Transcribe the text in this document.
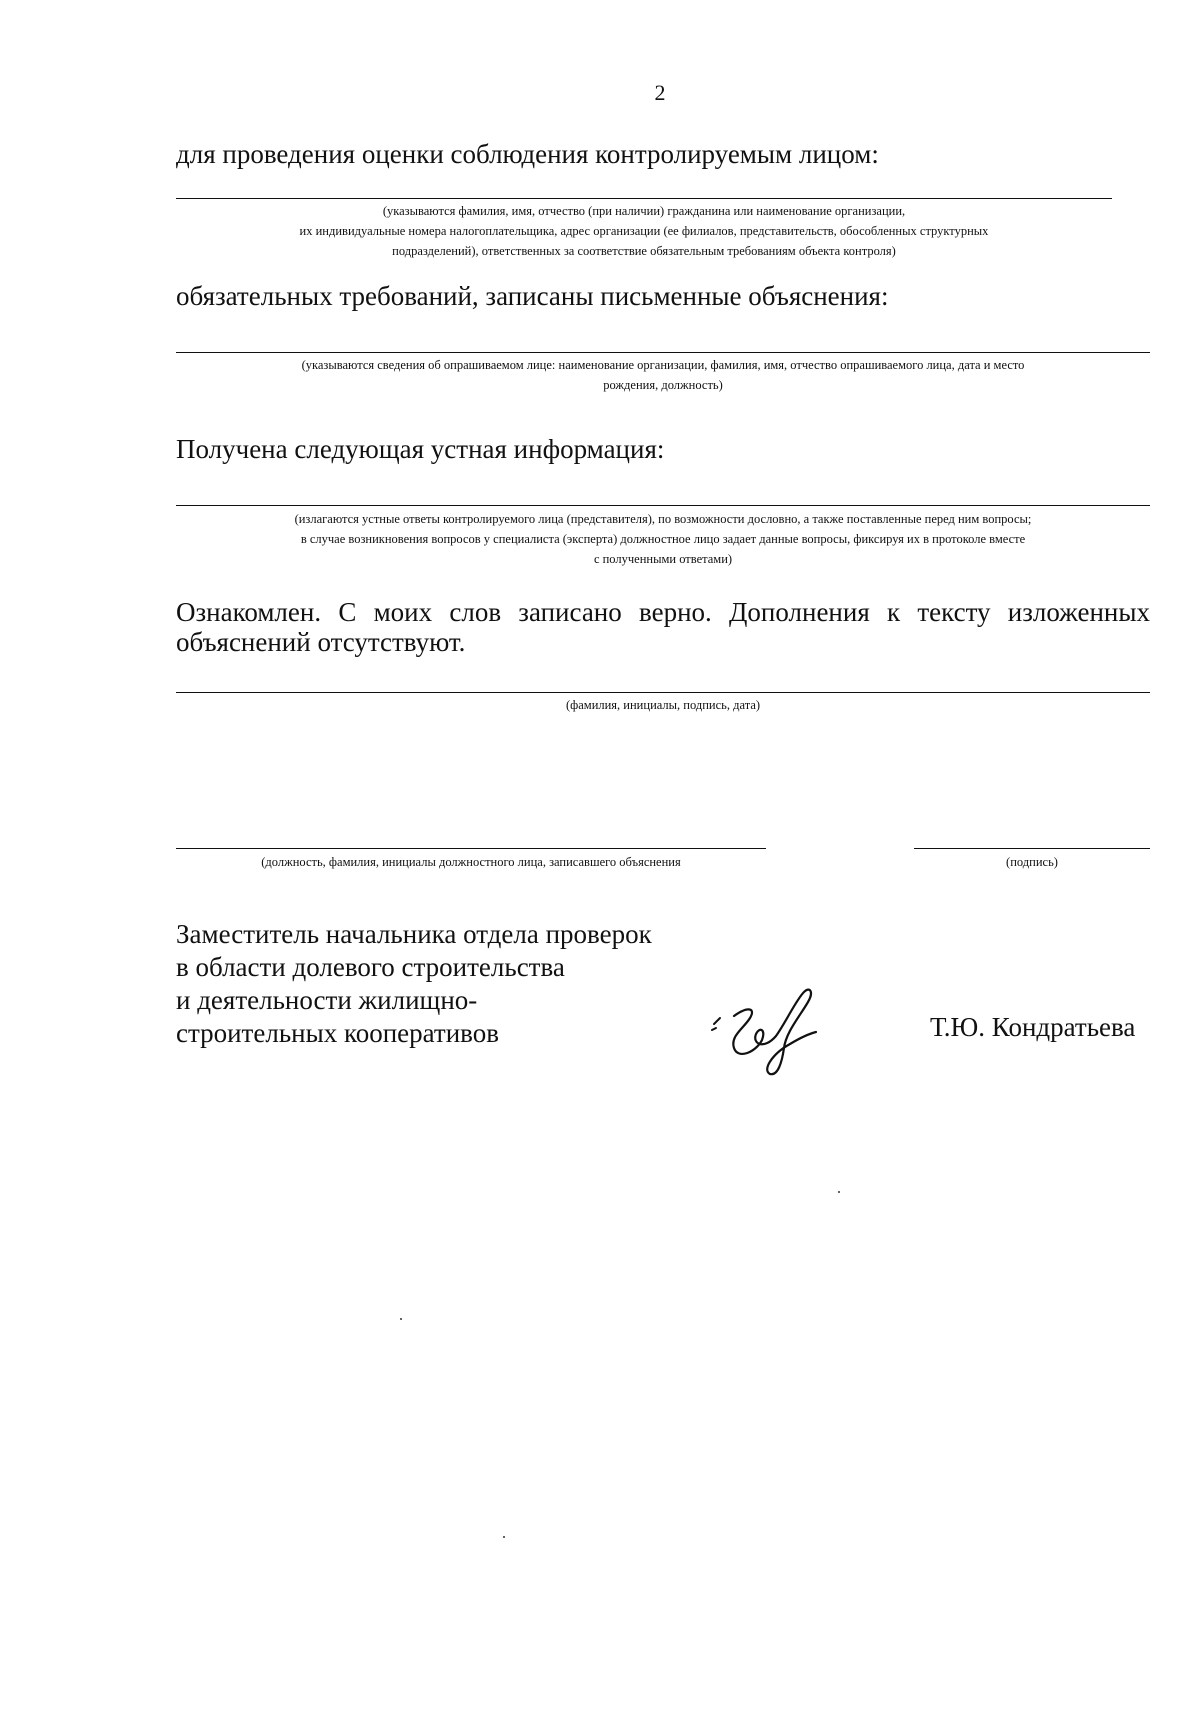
2
для проведения оценки соблюдения контролируемым лицом:
(указываются фамилия, имя, отчество (при наличии) гражданина или наименование организации,
их индивидуальные номера налогоплательщика, адрес организации (ее филиалов, представительств, обособленных структурных
подразделений), ответственных за соответствие обязательным требованиям объекта контроля)
обязательных требований, записаны письменные объяснения:
(указываются сведения об опрашиваемом лице: наименование организации, фамилия, имя, отчество опрашиваемого лица, дата и место
рождения, должность)
Получена следующая устная информация:
(излагаются устные ответы контролируемого лица (представителя), по возможности дословно, а также поставленные перед ним вопросы;
в случае возникновения вопросов у специалиста (эксперта) должностное лицо задает данные вопросы, фиксируя их в протоколе вместе
с полученными ответами)
Ознакомлен. С моих слов записано верно. Дополнения к тексту изложенных объяснений отсутствуют.
(фамилия, инициалы, подпись, дата)
(должность, фамилия, инициалы должностного лица, записавшего объяснения	(подпись)
Заместитель начальника отдела проверок
в области долевого строительства
и деятельности жилищно-
строительных кооперативов	Т.Ю. Кондратьева
